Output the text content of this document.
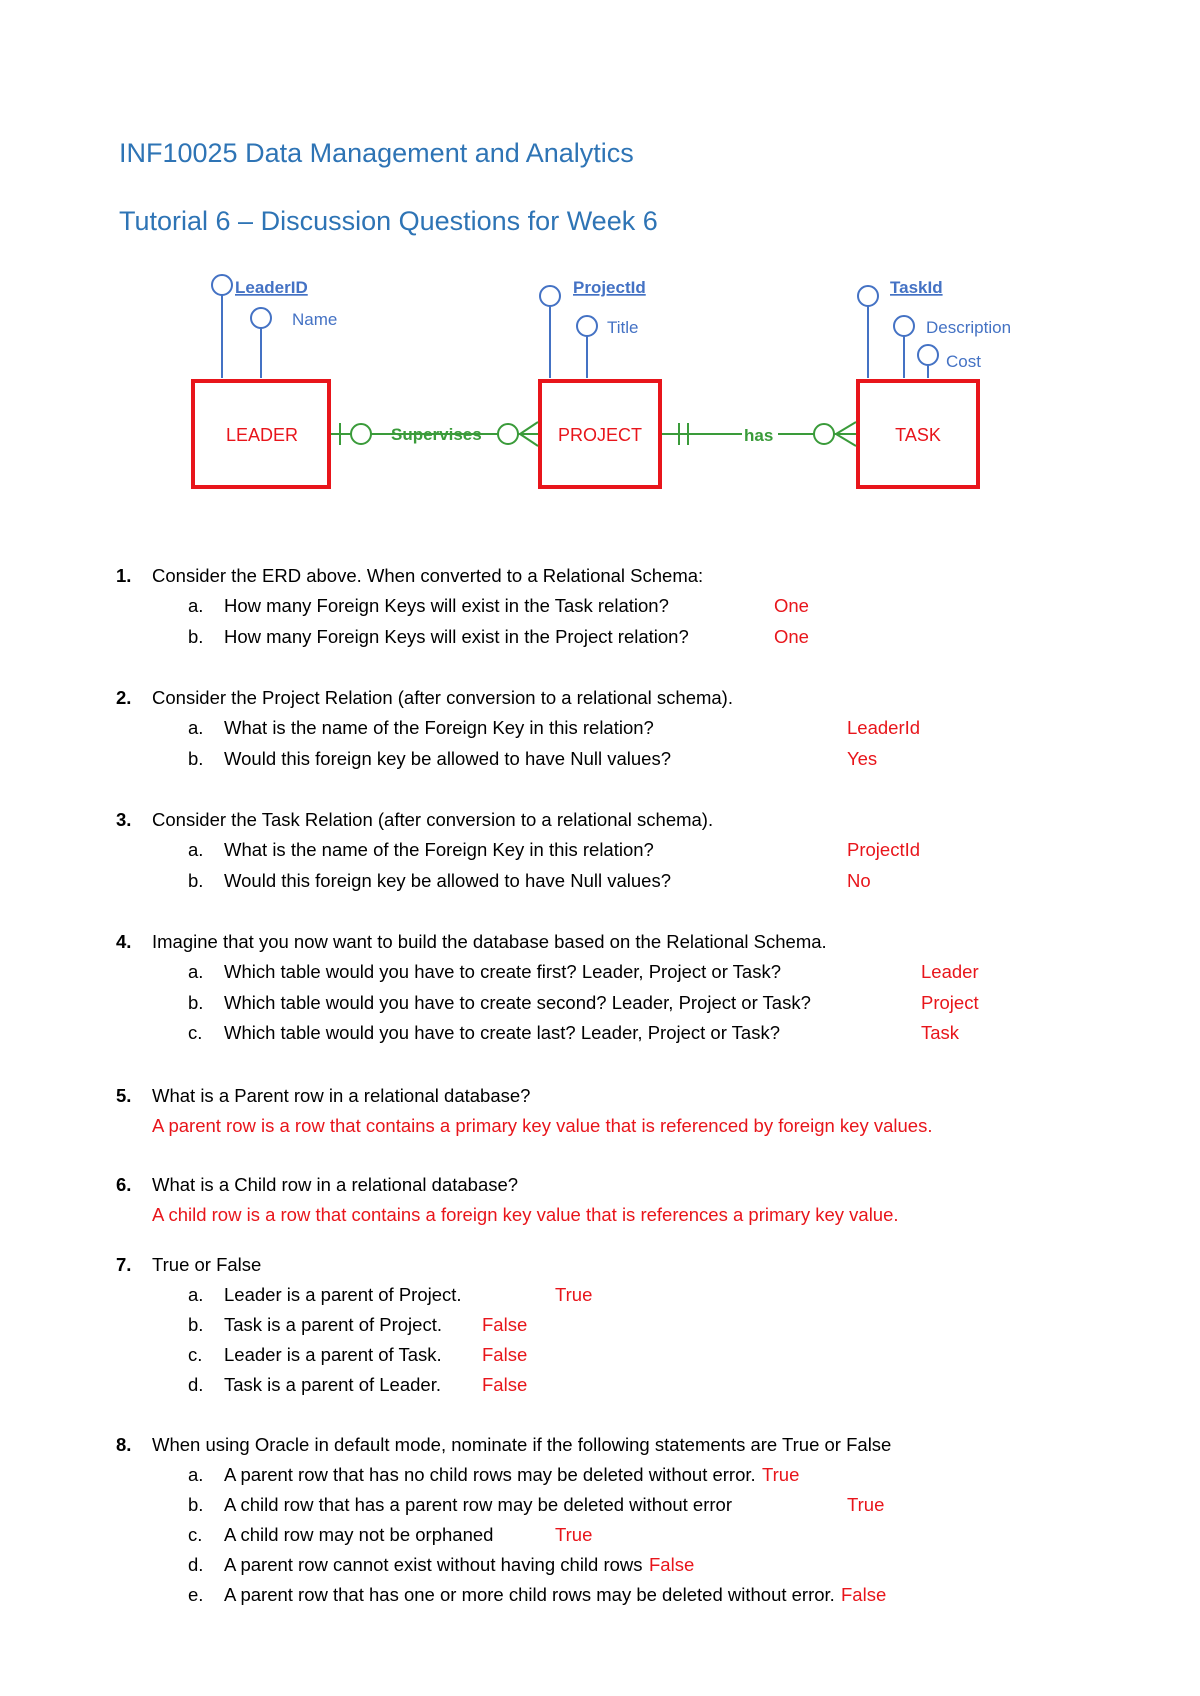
INF10025 Data Management and Analytics
Tutorial 6 – Discussion Questions for Week 6
LeaderID
Name
ProjectId
Title
TaskId
Description
Cost
LEADER	PROJECT	TASK
Supervises	has
1. Consider the ERD above. When converted to a Relational Schema:
a. How many Foreign Keys will exist in the Task relation?	One
b. How many Foreign Keys will exist in the Project relation?	One
2. Consider the Project Relation (after conversion to a relational schema).
a. What is the name of the Foreign Key in this relation?	LeaderId
b. Would this foreign key be allowed to have Null values?	Yes
3. Consider the Task Relation (after conversion to a relational schema).
a. What is the name of the Foreign Key in this relation?	ProjectId
b. Would this foreign key be allowed to have Null values?	No
4. Imagine that you now want to build the database based on the Relational Schema.
a. Which table would you have to create first? Leader, Project or Task?	Leader
b. Which table would you have to create second? Leader, Project or Task?	Project
c. Which table would you have to create last? Leader, Project or Task?	Task
5. What is a Parent row in a relational database?
A parent row is a row that contains a primary key value that is referenced by foreign key values.
6. What is a Child row in a relational database?
A child row is a row that contains a foreign key value that is references a primary key value.
7. True or False
a. Leader is a parent of Project.	True
b. Task is a parent of Project. False
c. Leader is a parent of Task. False
d. Task is a parent of Leader. False
8. When using Oracle in default mode, nominate if the following statements are True or False
a. A parent row that has no child rows may be deleted without error. True
b. A child row that has a parent row may be deleted without error	True
c. A child row may not be orphaned	True
d. A parent row cannot exist without having child rows False
e. A parent row that has one or more child rows may be deleted without error. False
